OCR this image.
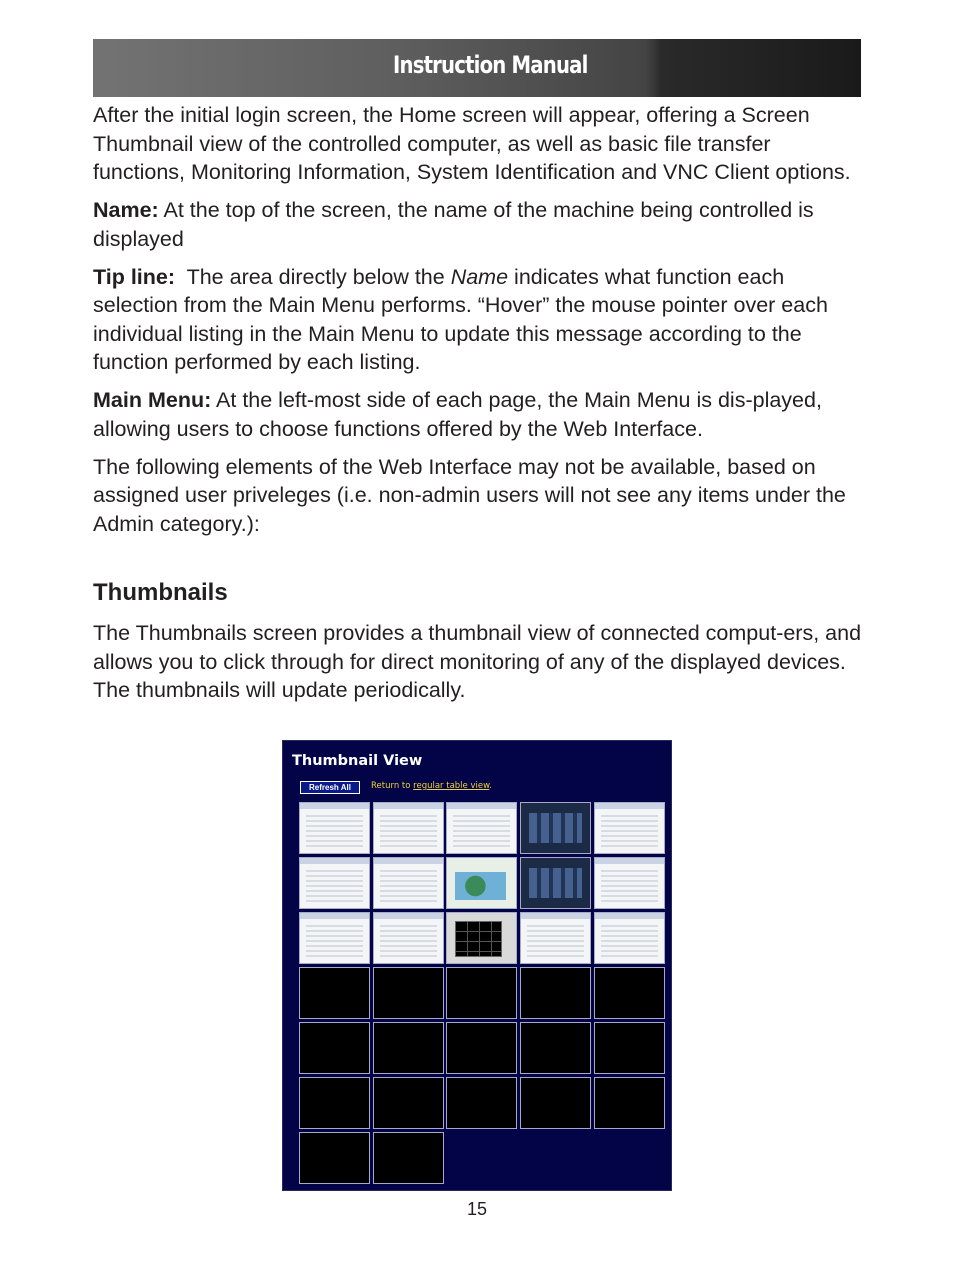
Instruction Manual

After the initial login screen, the Home screen will appear, offering a Screen Thumbnail view of the controlled computer, as well as basic file transfer functions, Monitoring Information, System Identification and VNC Client options.

Name: At the top of the screen, the name of the machine being controlled is displayed

Tip line:  The area directly below the Name indicates what function each selection from the Main Menu performs. “Hover” the mouse pointer over each individual listing in the Main Menu to update this message according to the function performed by each listing.

Main Menu: At the left-most side of each page, the Main Menu is dis-played, allowing users to choose functions offered by the Web Interface.

The following elements of the Web Interface may not be available, based on assigned user priveleges (i.e. non-admin users will not see any items under the Admin category.):

Thumbnails

The Thumbnails screen provides a thumbnail view of connected comput-ers, and allows you to click through for direct monitoring of any of the displayed devices. The thumbnails will update periodically.

Thumbnail View
Refresh All	Return to regular table view.
15
